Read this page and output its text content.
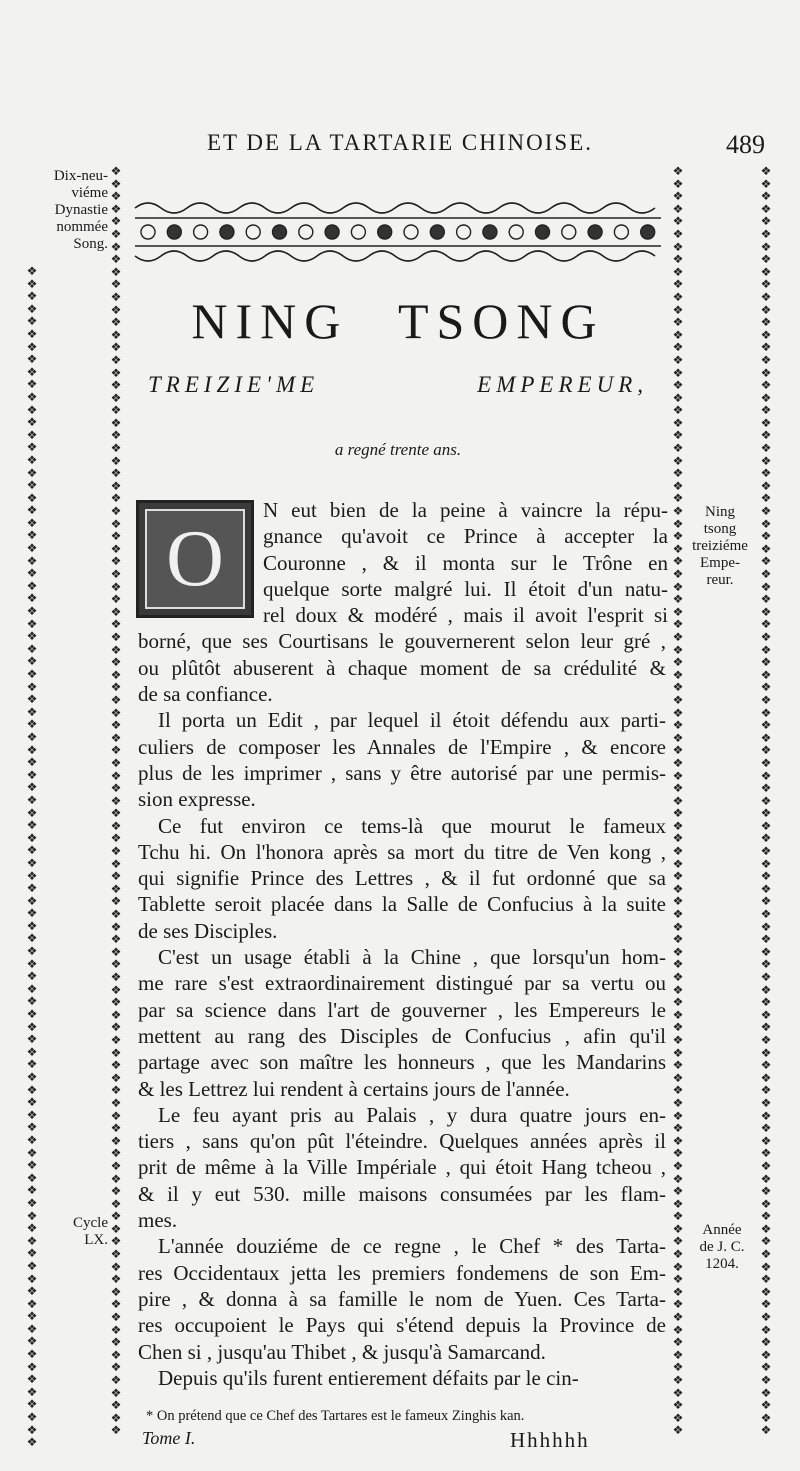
ET DE LA TARTARIE CHINOISE.	489
❖
❖
❖
❖
❖
❖
❖
❖
❖
❖
❖
❖
❖
❖
❖
❖
❖
❖
❖
❖
❖
❖
❖
❖
❖
❖
❖
❖
❖
❖
❖
❖
❖
❖
❖
❖
❖
❖
❖
❖
❖
❖
❖
❖
❖
❖
❖
❖
❖
❖
❖
❖
❖
❖
❖
❖
❖
❖
❖
❖
❖
❖
❖
❖
❖
❖
❖
❖
❖
❖
❖
❖
❖
❖
❖
❖
❖
❖
❖
❖
❖
❖
❖
❖
❖
❖
❖
❖
❖
❖
❖
❖
❖
❖
❖
❖
❖
❖
❖
❖
❖
❖
❖
❖
❖
❖
❖
❖
❖
❖
❖
❖
❖
❖
❖
❖
❖
❖
❖
❖
❖
❖
❖
❖
❖
❖
❖
❖
❖
❖
❖
❖
❖
❖
❖
❖
❖
❖
❖
❖
❖
❖
❖
❖
❖
❖
❖
❖
❖
❖
❖
❖
❖
❖
❖
❖
❖
❖
❖
❖
❖
❖
❖
❖
❖
❖
❖
❖
❖
❖
❖
❖
❖
❖
❖
❖
❖
❖
❖
❖
❖
❖
❖
❖
❖
❖
❖
❖
❖
❖
❖
❖
❖
❖
❖
❖
❖
❖
❖
❖
❖
❖
❖
❖
❖
❖
❖
❖
❖
❖
❖
❖
❖
❖
❖
❖
❖
❖
❖
❖
❖
❖
❖
❖
❖
❖
❖
❖
❖
❖
❖
❖
❖
❖
❖
❖
❖
❖
❖
❖
❖
❖
❖
❖
❖
❖
❖
❖
❖
❖
❖
❖
❖
❖
❖
❖
❖
❖
❖
❖
❖
❖
❖
❖
❖
❖
❖
❖
❖
❖
❖
❖
❖
❖
❖
❖
❖
❖
❖
❖
❖
❖
❖
❖
❖
❖
❖
❖
❖
❖
❖
❖
❖
❖
❖
❖
❖
❖
❖
❖
❖
❖
❖
❖
❖
❖
❖
❖
❖
❖
❖
❖
❖
❖
❖
❖
❖
❖
❖
❖
❖
❖
❖
❖
❖
❖
❖
❖
❖
❖
❖
❖
❖
❖
❖
❖
❖
❖
❖
❖
❖
❖
❖
❖
❖
❖
❖
❖
❖
❖
❖
❖
❖
❖
❖
❖
❖
❖
❖
❖
❖
❖
❖
❖
❖
❖
❖
❖
❖
❖
❖
❖
❖
❖
❖
❖
❖
❖
❖
❖
❖
❖
❖
❖
❖
❖
❖
❖
❖
❖
❖
❖
❖
❖
❖
❖
❖
NING TSONG
TREIZIE'ME	EMPEREUR,
a regné trente ans.
O
N eut bien de la peine à vaincre la répu-
gnance qu'avoit ce Prince à accepter la
Couronne , & il monta sur le Trône en
quelque sorte malgré lui. Il étoit d'un natu-
rel doux & modéré , mais il avoit l'esprit si
borné, que ses Courtisans le gouvernerent selon leur gré ,
ou plûtôt abuserent à chaque moment de sa crédulité &
de sa confiance.
Il porta un Edit , par lequel il étoit défendu aux parti-
culiers de composer les Annales de l'Empire , & encore
plus de les imprimer , sans y être autorisé par une permis-
sion expresse.
Ce fut environ ce tems-là que mourut le fameux
Tchu hi. On l'honora après sa mort du titre de Ven kong ,
qui signifie Prince des Lettres , & il fut ordonné que sa
Tablette seroit placée dans la Salle de Confucius à la suite
de ses Disciples.
C'est un usage établi à la Chine , que lorsqu'un hom-
me rare s'est extraordinairement distingué par sa vertu ou
par sa science dans l'art de gouverner , les Empereurs le
mettent au rang des Disciples de Confucius , afin qu'il
partage avec son maître les honneurs , que les Mandarins
& les Lettrez lui rendent à certains jours de l'année.
Le feu ayant pris au Palais , y dura quatre jours en-
tiers , sans qu'on pût l'éteindre. Quelques années après il
prit de même à la Ville Impériale , qui étoit Hang tcheou ,
& il y eut 530. mille maisons consumées par les flam-
mes.
L'année douziéme de ce regne , le Chef * des Tarta-
res Occidentaux jetta les premiers fondemens de son Em-
pire , & donna à sa famille le nom de Yuen. Ces Tarta-
res occupoient le Pays qui s'étend depuis la Province de
Chen si , jusqu'au Thibet , & jusqu'à Samarcand.
Depuis qu'ils furent entierement défaits par le cin-
Dix-neu-
viéme
Dynastie
nommée
Song.
Ning
tsong
treiziéme
Empe-
reur.
Cycle
LX.
Année
de J. C.
1204.
* On prétend que ce Chef des Tartares est le fameux Zinghis kan.
Tome I.	Hhhhhh
